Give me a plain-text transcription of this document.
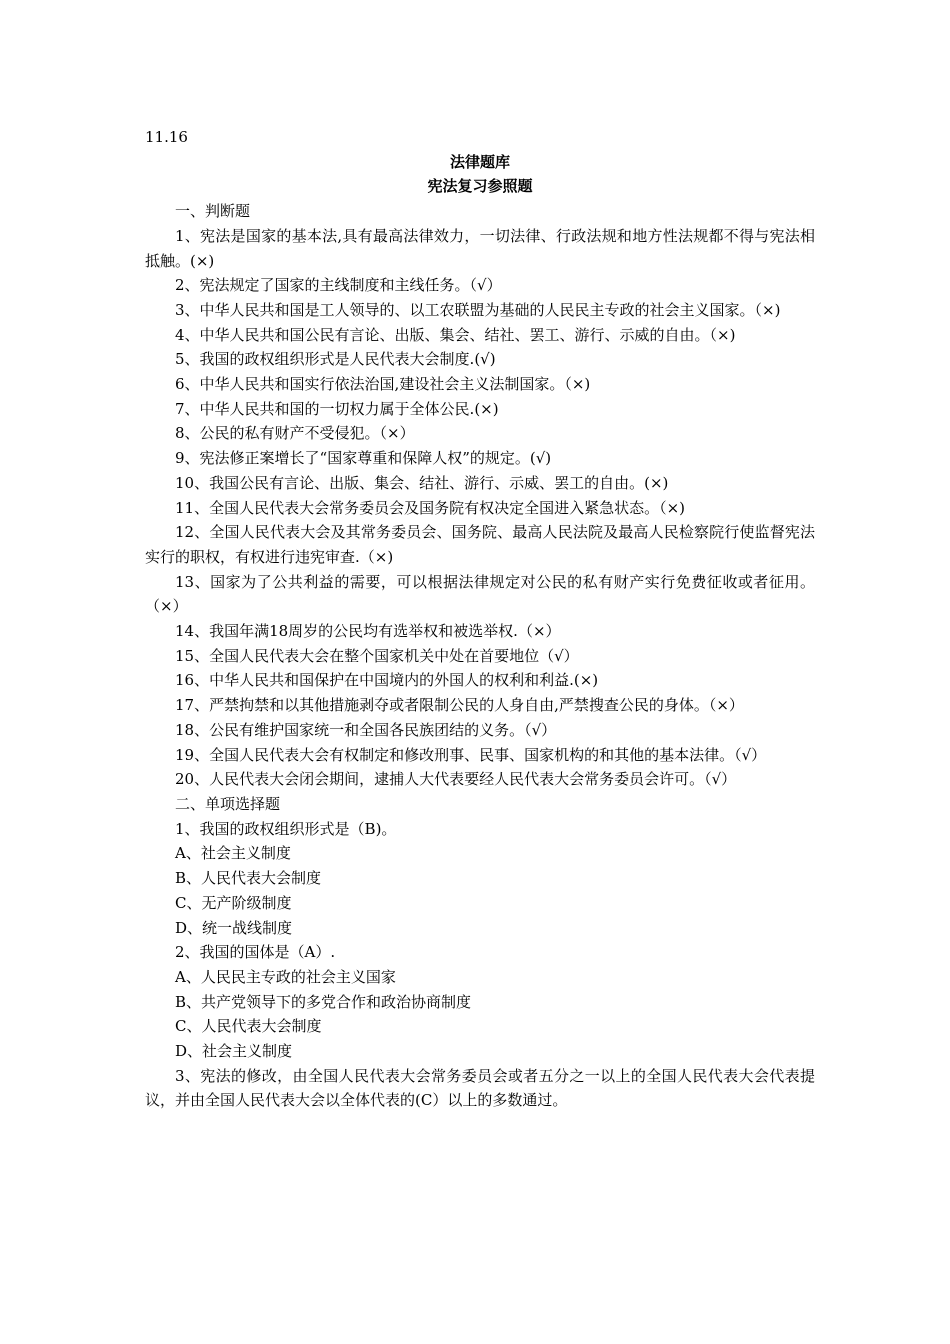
11.16

法律题库

宪法复习参照题

一、判断题

1、宪法是国家的基本法,具有最高法律效力，一切法律、行政法规和地方性法规都不得与宪法相抵触。(×)

2、宪法规定了国家的主线制度和主线任务。（√）

3、中华人民共和国是工人领导的、以工农联盟为基础的人民民主专政的社会主义国家。（×)

4、中华人民共和国公民有言论、出版、集会、结社、罢工、游行、示威的自由。（×)

5、我国的政权组织形式是人民代表大会制度.(√)

6、中华人民共和国实行依法治国,建设社会主义法制国家。（×)

7、中华人民共和国的一切权力属于全体公民.(×)

8、公民的私有财产不受侵犯。（×）

9、宪法修正案增长了“国家尊重和保障人权”的规定。(√)

10、我国公民有言论、出版、集会、结社、游行、示威、罢工的自由。(×)

11、全国人民代表大会常务委员会及国务院有权决定全国进入紧急状态。（×)

12、全国人民代表大会及其常务委员会、国务院、最高人民法院及最高人民检察院行使监督宪法实行的职权，有权进行违宪审查.（×)

13、国家为了公共利益的需要，可以根据法律规定对公民的私有财产实行免费征收或者征用。（×）

14、我国年满18周岁的公民均有选举权和被选举权.（×）

15、全国人民代表大会在整个国家机关中处在首要地位（√）

16、中华人民共和国保护在中国境内的外国人的权利和利益.(×)

17、严禁拘禁和以其他措施剥夺或者限制公民的人身自由,严禁搜查公民的身体。（×）

18、公民有维护国家统一和全国各民族团结的义务。（√）

19、全国人民代表大会有权制定和修改刑事、民事、国家机构的和其他的基本法律。（√）

20、人民代表大会闭会期间，逮捕人大代表要经人民代表大会常务委员会许可。（√）

二、单项选择题

1、我国的政权组织形式是（B)。

A、社会主义制度

B、人民代表大会制度

C、无产阶级制度

D、统一战线制度

2、我国的国体是（A）.

A、人民民主专政的社会主义国家

B、共产党领导下的多党合作和政治协商制度

C、人民代表大会制度

D、社会主义制度

3、宪法的修改，由全国人民代表大会常务委员会或者五分之一以上的全国人民代表大会代表提议，并由全国人民代表大会以全体代表的(C）以上的多数通过。
